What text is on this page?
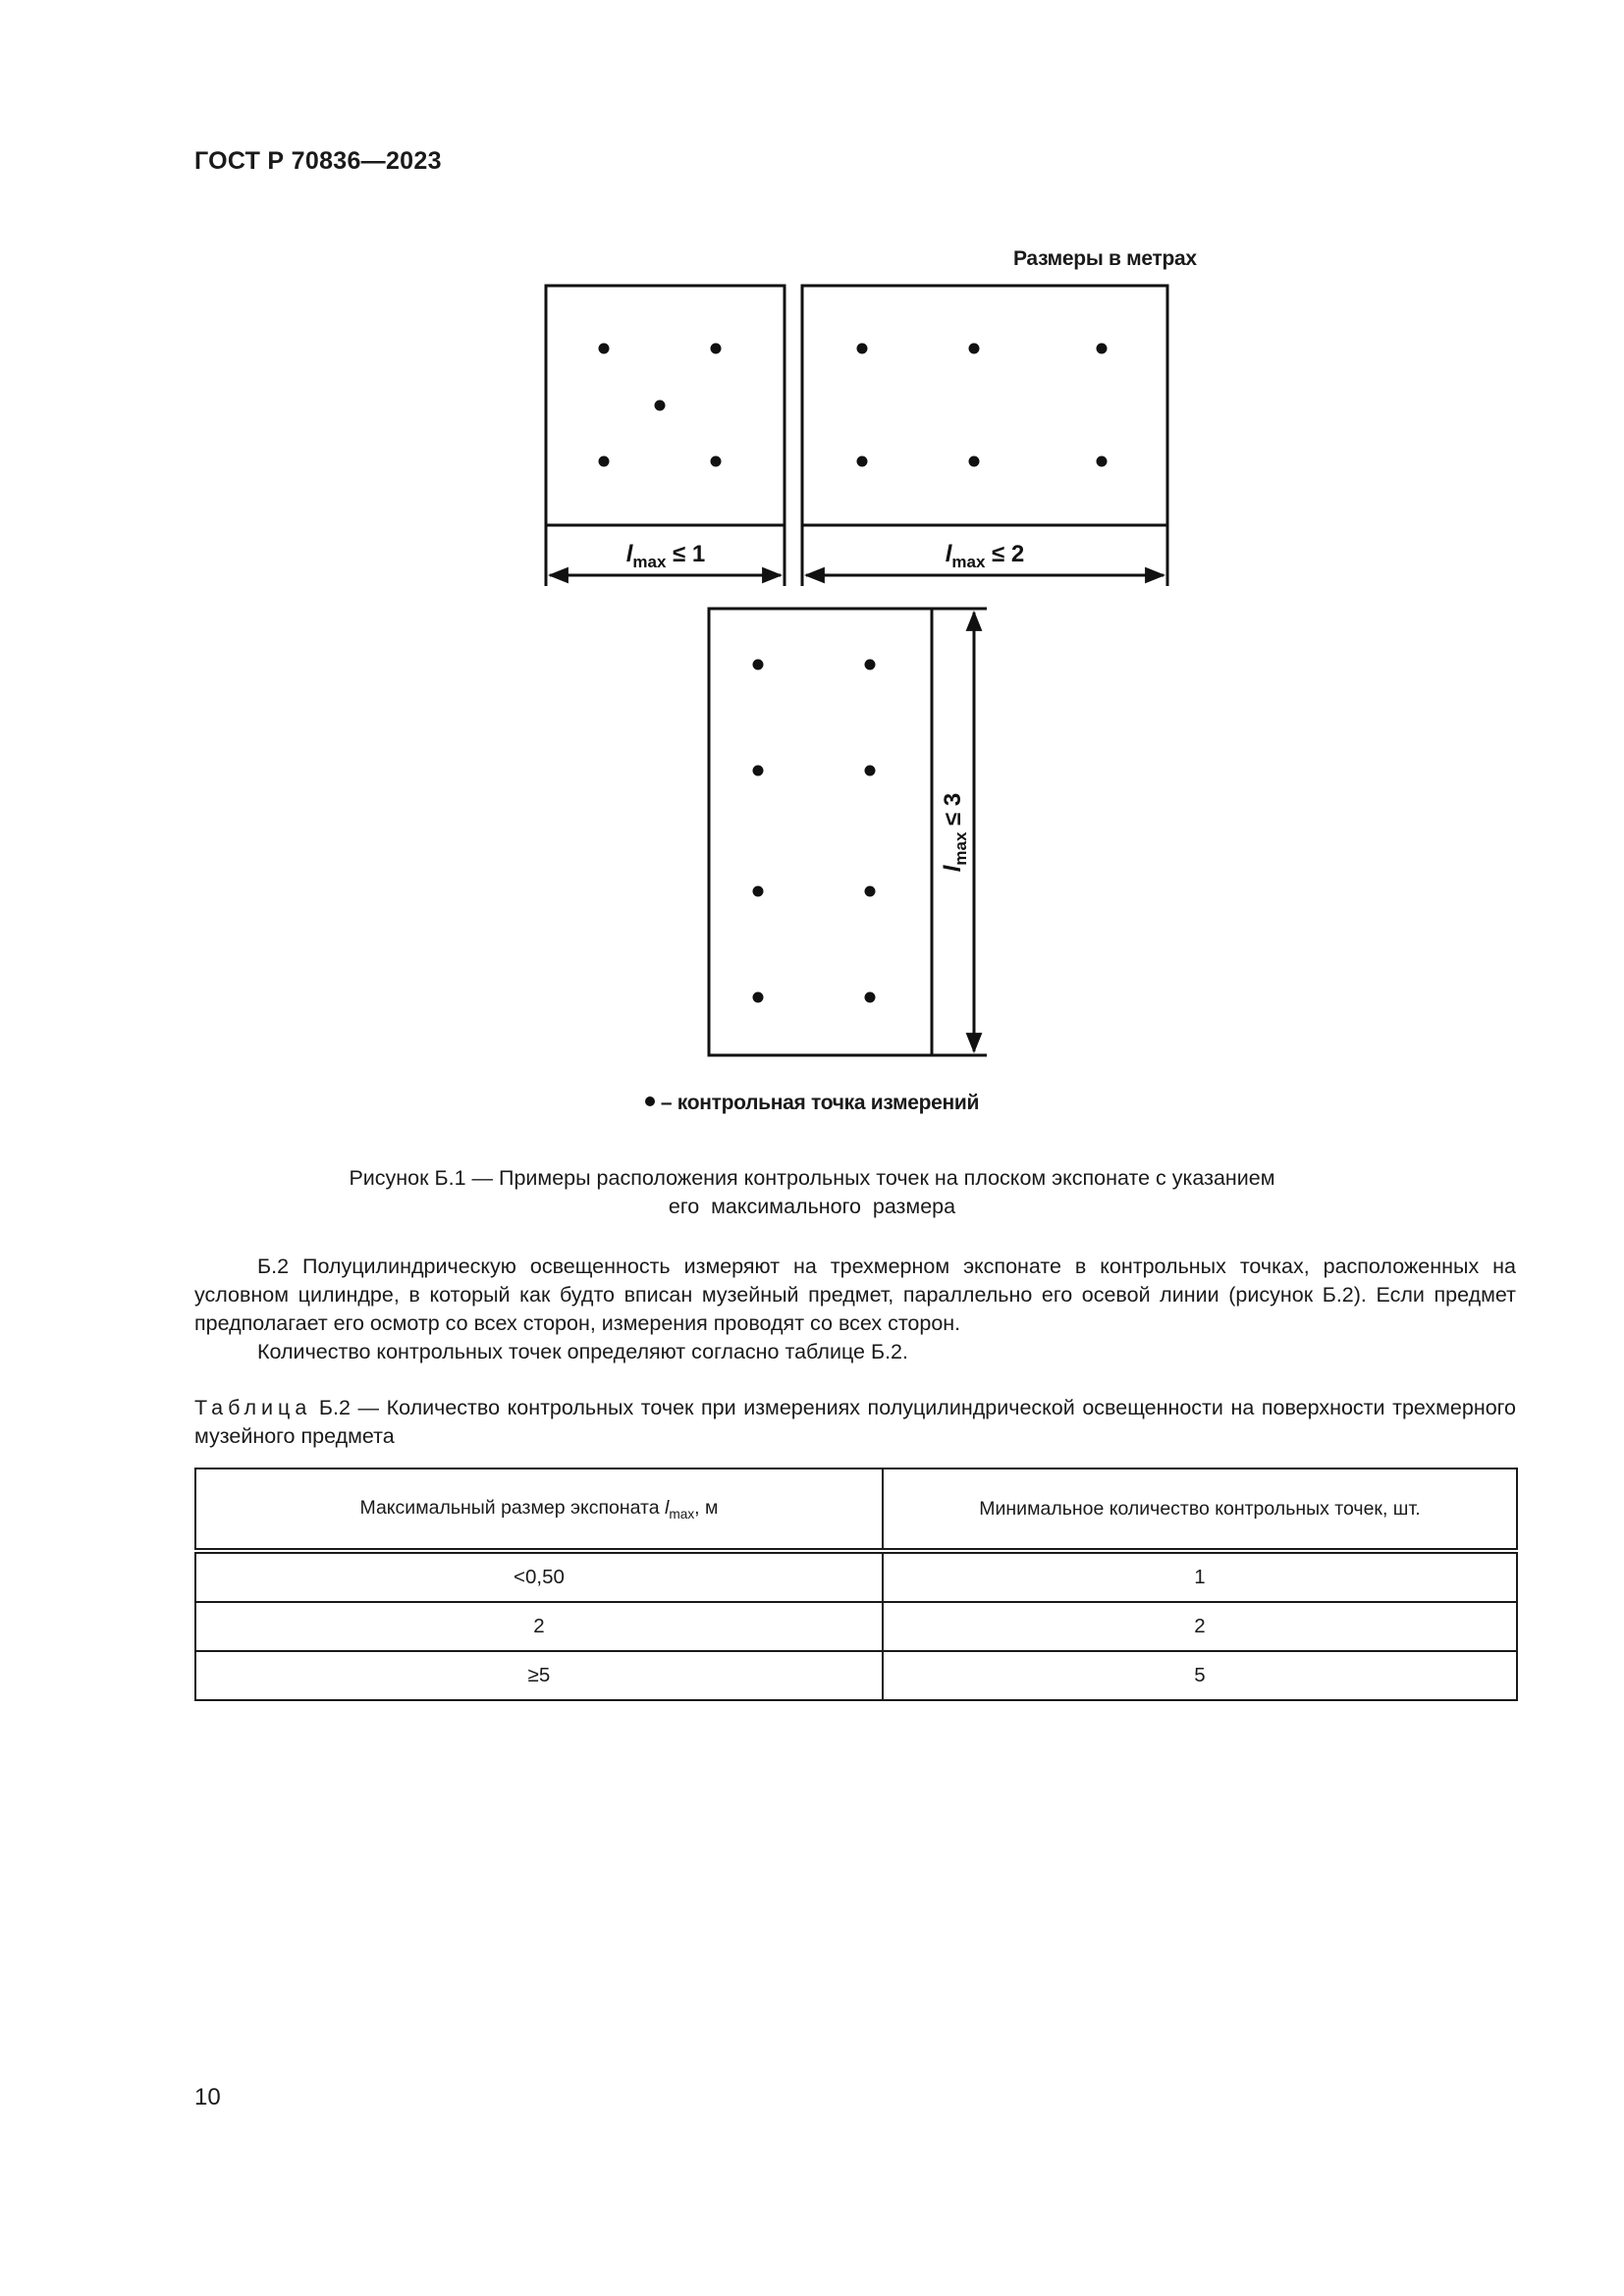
ГОСТ Р 70836—2023
Размеры в метрах
$l_{max} \le 1$	$l_{max} \le 2$
$l_{max} \le 3$
– контрольная точка измерений
Рисунок Б.1 — Примеры расположения контрольных точек на плоском экспонате с указанием
его  максимального  размера
Б.2 Полуцилиндрическую освещенность измеряют на трехмерном экспонате в контрольных точках, расположенных на условном цилиндре, в который как будто вписан музейный предмет, параллельно его осевой линии (рисунок Б.2). Если предмет предполагает его осмотр со всех сторон, измерения проводят со всех сторон.
Количество контрольных точек определяют согласно таблице Б.2.
Таблица Б.2 — Количество контрольных точек при измерениях полуцилиндрической освещенности на поверхности трехмерного музейного предмета
Максимальный размер экспоната $l_{max}$, м	Минимальное количество контрольных точек, шт.
<0,50	1
2	2
≥5	5
10
